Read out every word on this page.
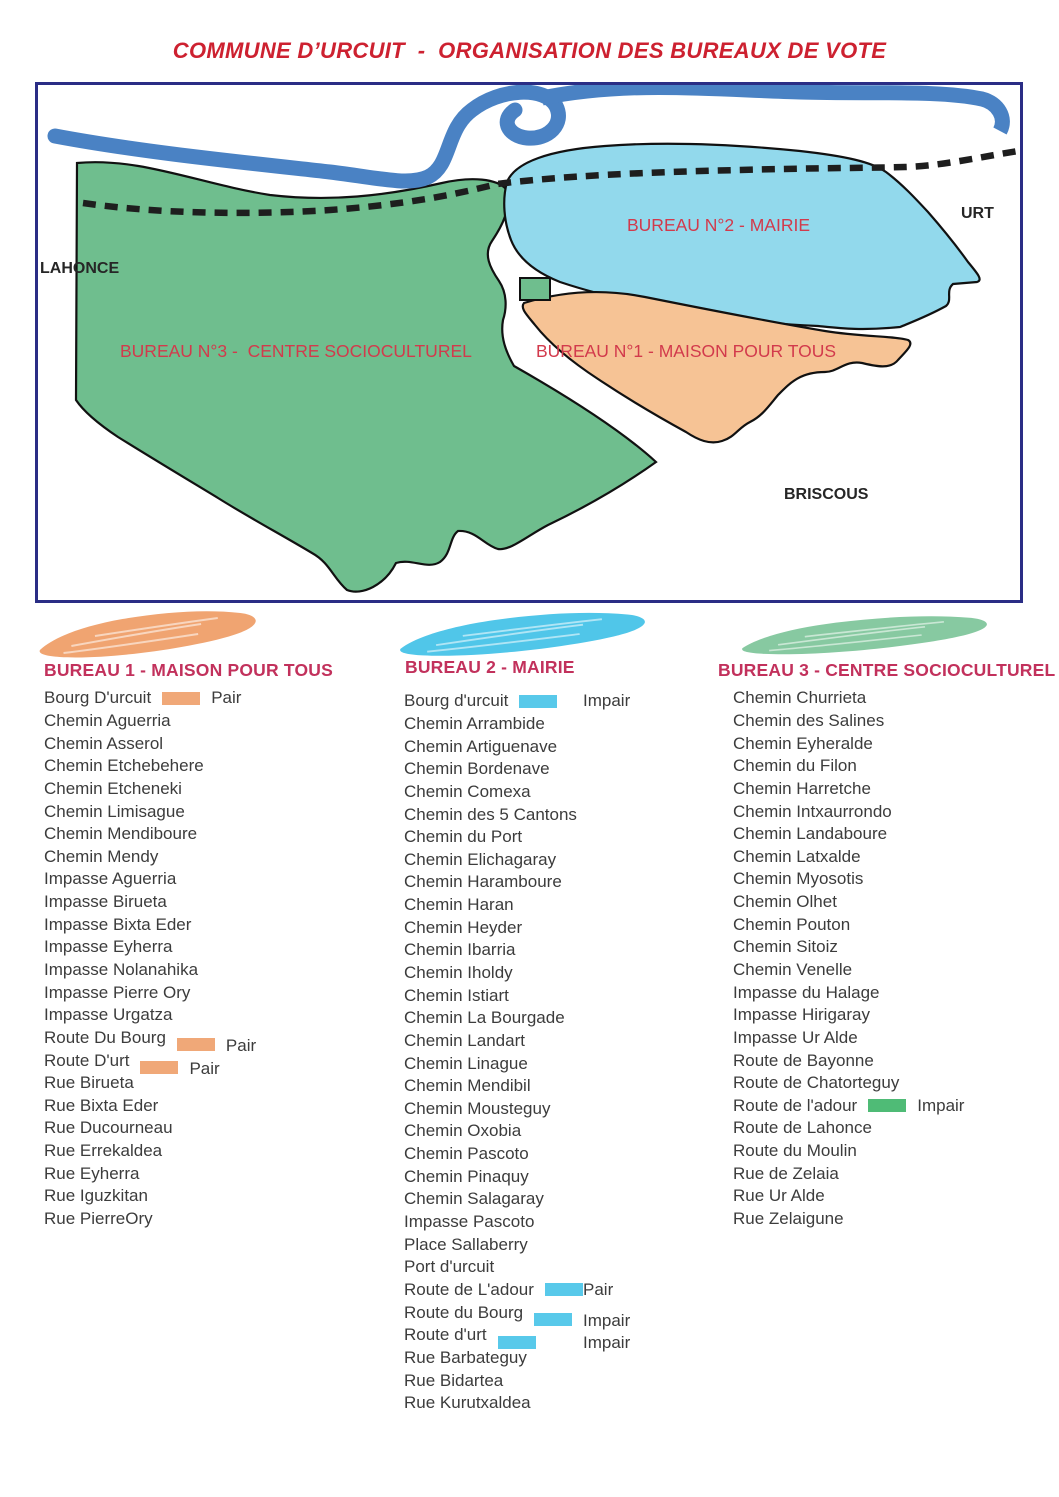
COMMUNE D’URCUIT  -  ORGANISATION DES BUREAUX DE VOTE
LAHONCE
URT
BRISCOUS
BUREAU N°3 -  CENTRE SOCIOCULTUREL
BUREAU N°2 - MAIRIE
BUREAU N°1 - MAISON POUR TOUS
BUREAU 1 - MAISON POUR TOUS	BUREAU 2 - MAIRIE	BUREAU 3 - CENTRE SOCIOCULTUREL
Bourg D'urcuit	Pair
Chemin Aguerria
Chemin Asserol
Chemin Etchebehere
Chemin Etcheneki
Chemin Limisague
Chemin Mendiboure
Chemin Mendy
Impasse Aguerria
Impasse Birueta
Impasse Bixta Eder
Impasse Eyherra
Impasse Nolanahika
Impasse Pierre Ory
Impasse Urgatza
Route Du Bourg	Pair
Route D'urt	Pair
Rue Birueta
Rue Bixta Eder
Rue Ducourneau
Rue Errekaldea
Rue Eyherra
Rue Iguzkitan
Rue PierreOry
Bourg d'urcuit	Impair
Chemin Arrambide
Chemin Artiguenave
Chemin Bordenave
Chemin Comexa
Chemin des 5 Cantons
Chemin du Port
Chemin Elichagaray
Chemin Haramboure
Chemin Haran
Chemin Heyder
Chemin Ibarria
Chemin Iholdy
Chemin Istiart
Chemin La Bourgade
Chemin Landart
Chemin Linague
Chemin Mendibil
Chemin Mousteguy
Chemin Oxobia
Chemin Pascoto
Chemin Pinaquy
Chemin Salagaray
Impasse Pascoto
Place Sallaberry
Port d'urcuit
Route de L'adour	Pair
Route du Bourg	Impair
Route d'urt	Impair
Rue Barbateguy
Rue Bidartea
Rue Kurutxaldea
Chemin Churrieta
Chemin des Salines
Chemin Eyheralde
Chemin du Filon
Chemin Harretche
Chemin Intxaurrondo
Chemin Landaboure
Chemin Latxalde
Chemin Myosotis
Chemin Olhet
Chemin Pouton
Chemin Sitoiz
Chemin Venelle
Impasse du Halage
Impasse Hirigaray
Impasse Ur Alde
Route de Bayonne
Route de Chatorteguy
Route de l'adour	Impair
Route de Lahonce
Route du Moulin
Rue de Zelaia
Rue Ur Alde
Rue Zelaigune
